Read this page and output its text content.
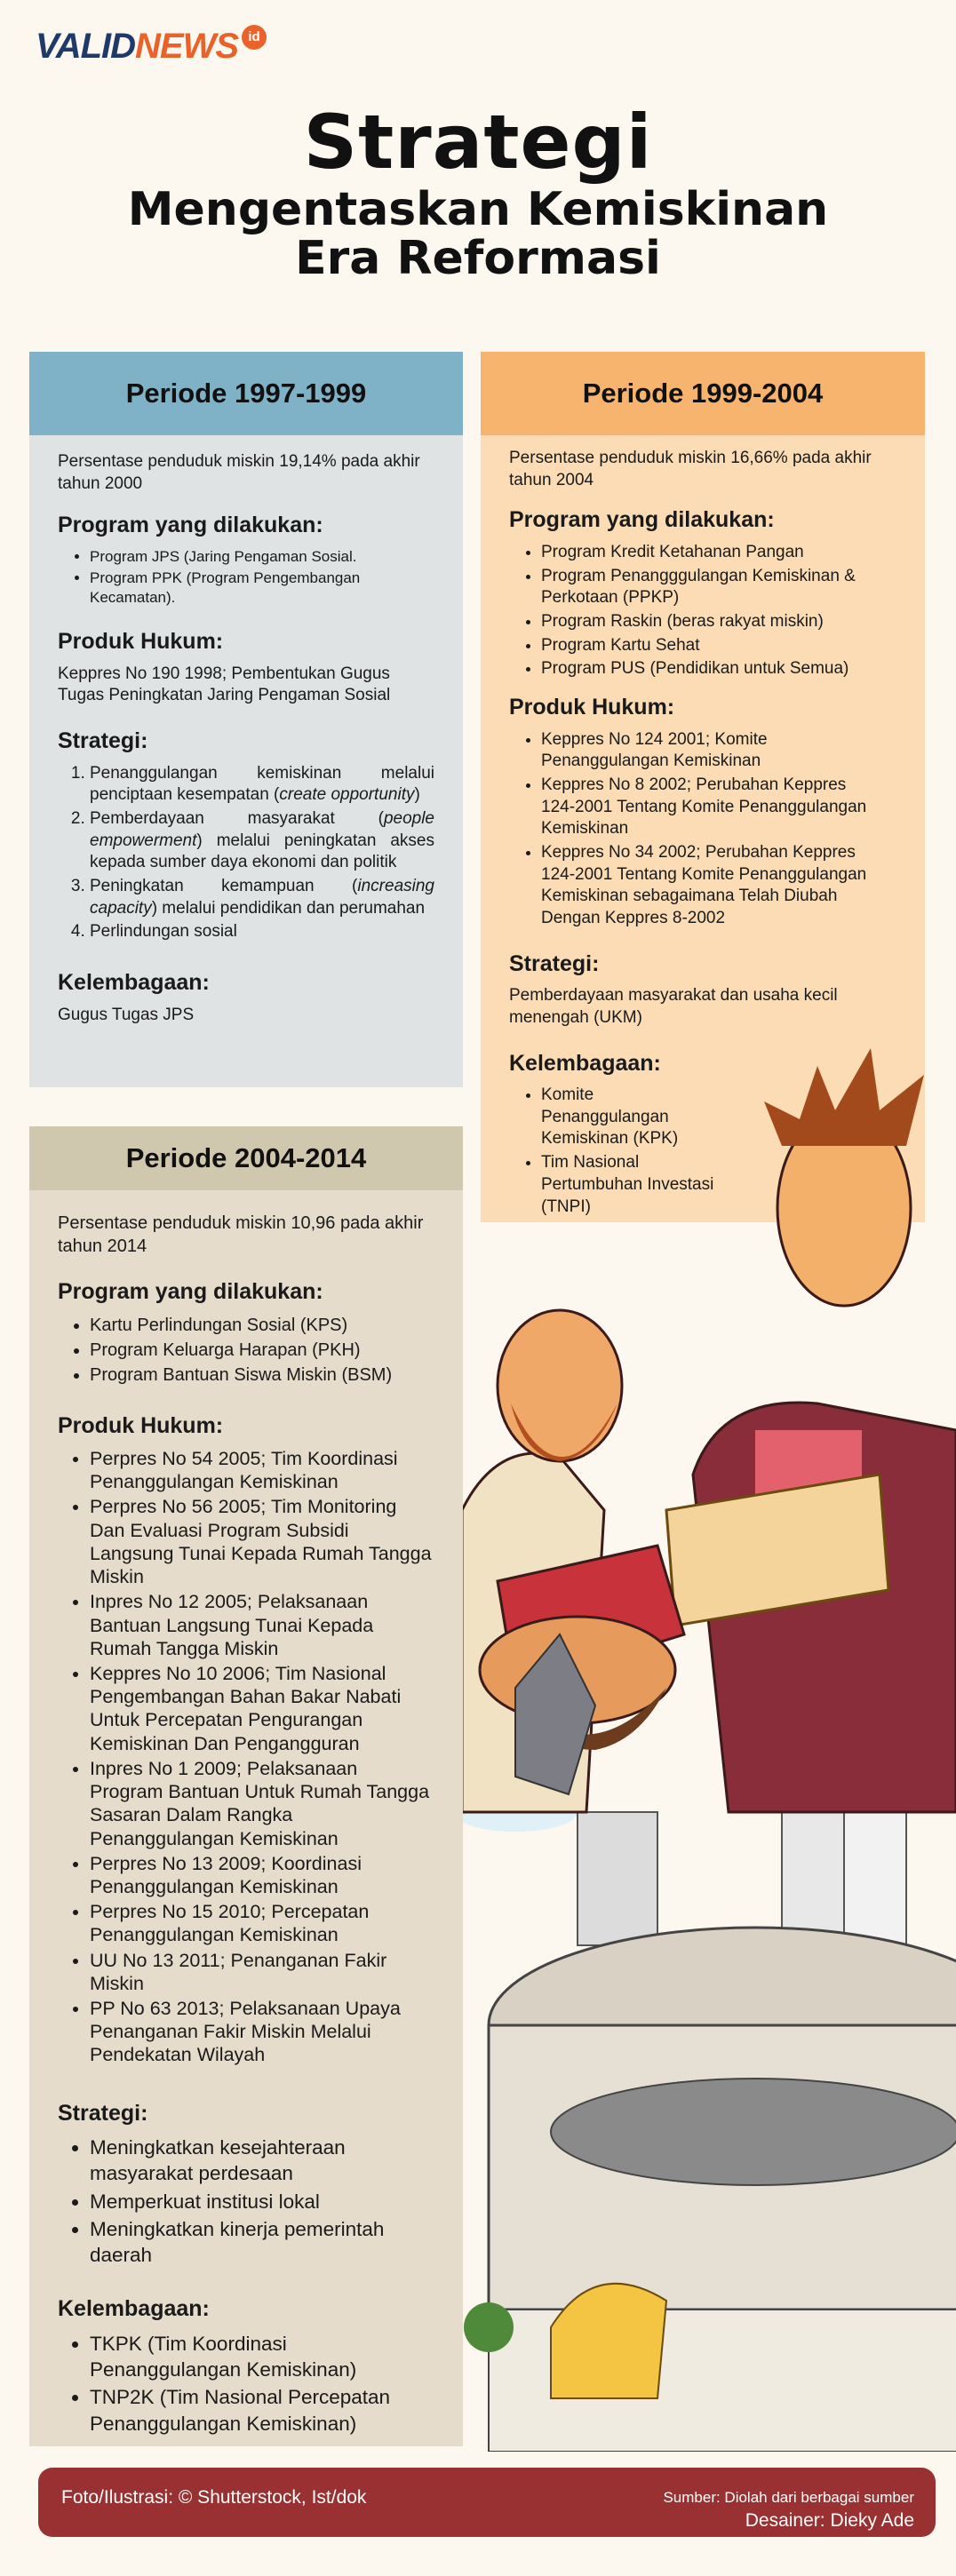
VALID NEWS id
Strategi
Mengentaskan Kemiskinan
Era Reformasi
Periode 1997-1999
Persentase penduduk miskin 19,14% pada akhir tahun 2000
Program yang dilakukan:
• Program JPS (Jaring Pengaman Sosial.
• Program PPK (Program Pengembangan Kecamatan).
Produk Hukum:
Keppres No 190 1998; Pembentukan Gugus Tugas Peningkatan Jaring Pengaman Sosial
Strategi:
1. Penanggulangan kemiskinan melalui penciptaan kesempatan (create opportunity)
2. Pemberdayaan masyarakat (people empowerment) melalui peningkatan akses kepada sumber daya ekonomi dan politik
3. Peningkatan kemampuan (increasing capacity) melalui pendidikan dan perumahan
4. Perlindungan sosial
Kelembagaan:
Gugus Tugas JPS
Periode 1999-2004
Persentase penduduk miskin 16,66% pada akhir tahun 2004
Program yang dilakukan:
• Program Kredit Ketahanan Pangan
• Program Penangggulangan Kemiskinan & Perkotaan (PPKP)
• Program Raskin (beras rakyat miskin)
• Program Kartu Sehat
• Program PUS (Pendidikan untuk Semua)
Produk Hukum:
• Keppres No 124 2001; Komite Penanggulangan Kemiskinan
• Keppres No 8 2002; Perubahan Keppres 124-2001 Tentang Komite Penanggulangan Kemiskinan
• Keppres No 34 2002; Perubahan Keppres 124-2001 Tentang Komite Penanggulangan Kemiskinan sebagaimana Telah Diubah Dengan Keppres 8-2002
Strategi:
Pemberdayaan masyarakat dan usaha kecil menengah (UKM)
Kelembagaan:
• Komite Penanggulangan Kemiskinan (KPK)
• Tim Nasional Pertumbuhan Investasi (TNPI)
Periode 2004-2014
Persentase penduduk miskin 10,96 pada akhir tahun 2014
Program yang dilakukan:
• Kartu Perlindungan Sosial (KPS)
• Program Keluarga Harapan (PKH)
• Program Bantuan Siswa Miskin (BSM)
Produk Hukum:
• Perpres No 54 2005; Tim Koordinasi Penanggulangan Kemiskinan
• Perpres No 56 2005; Tim Monitoring Dan Evaluasi Program Subsidi Langsung Tunai Kepada Rumah Tangga Miskin
• Inpres No 12 2005; Pelaksanaan Bantuan Langsung Tunai Kepada Rumah Tangga Miskin
• Keppres No 10 2006; Tim Nasional Pengembangan Bahan Bakar Nabati Untuk Percepatan Pengurangan Kemiskinan Dan Pengangguran
• Inpres No 1 2009; Pelaksanaan Program Bantuan Untuk Rumah Tangga Sasaran Dalam Rangka Penanggulangan Kemiskinan
• Perpres No 13 2009; Koordinasi Penanggulangan Kemiskinan
• Perpres No 15 2010; Percepatan Penanggulangan Kemiskinan
• UU No 13 2011; Penanganan Fakir Miskin
• PP No 63 2013; Pelaksanaan Upaya Penanganan Fakir Miskin Melalui Pendekatan Wilayah
Strategi:
• Meningkatkan kesejahteraan masyarakat perdesaan
• Memperkuat institusi lokal
• Meningkatkan kinerja pemerintah daerah
Kelembagaan:
• TKPK (Tim Koordinasi Penanggulangan Kemiskinan)
• TNP2K (Tim Nasional Percepatan Penanggulangan Kemiskinan)
Foto/Ilustrasi: © Shutterstock, Ist/dok	Sumber: Diolah dari berbagai sumber
Desainer: Dieky Ade
